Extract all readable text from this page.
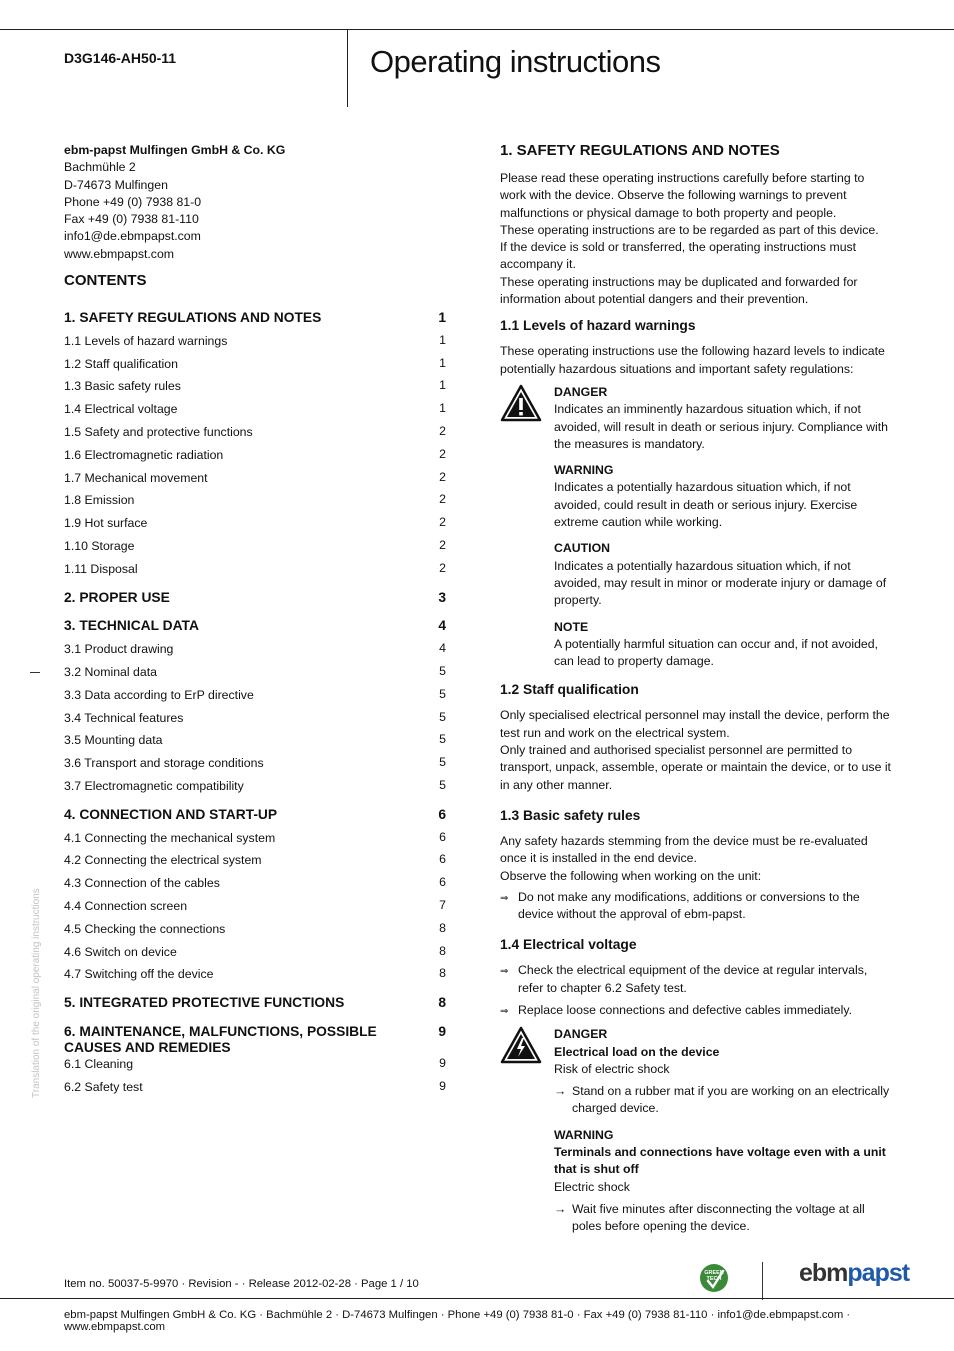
D3G146-AH50-11	Operating instructions
ebm-papst Mulfingen GmbH & Co. KG
Bachmühle 2
D-74673 Mulfingen
Phone +49 (0) 7938 81-0
Fax +49 (0) 7938 81-110
info1@de.ebmpapst.com
www.ebmpapst.com
CONTENTS
1. SAFETY REGULATIONS AND NOTES	1
1.1 Levels of hazard warnings	1
1.2 Staff qualification	1
1.3 Basic safety rules	1
1.4 Electrical voltage	1
1.5 Safety and protective functions	2
1.6 Electromagnetic radiation	2
1.7 Mechanical movement	2
1.8 Emission	2
1.9 Hot surface	2
1.10 Storage	2
1.11 Disposal	2
2. PROPER USE	3
3. TECHNICAL DATA	4
3.1 Product drawing	4
3.2 Nominal data	5
3.3 Data according to ErP directive	5
3.4 Technical features	5
3.5 Mounting data	5
3.6 Transport and storage conditions	5
3.7 Electromagnetic compatibility	5
4. CONNECTION AND START-UP	6
4.1 Connecting the mechanical system	6
4.2 Connecting the electrical system	6
4.3 Connection of the cables	6
4.4 Connection screen	7
4.5 Checking the connections	8
4.6 Switch on device	8
4.7 Switching off the device	8
5. INTEGRATED PROTECTIVE FUNCTIONS	8
6. MAINTENANCE, MALFUNCTIONS, POSSIBLE CAUSES AND REMEDIES
9
6.1 Cleaning	9
6.2 Safety test	9
Translation of the original operating instructions
1. SAFETY REGULATIONS AND NOTES

Please read these operating instructions carefully before starting to work with the device. Observe the following warnings to prevent malfunctions or physical damage to both property and people.

These operating instructions are to be regarded as part of this device.

If the device is sold or transferred, the operating instructions must accompany it.

These operating instructions may be duplicated and forwarded for information about potential dangers and their prevention.

1.1 Levels of hazard warnings

These operating instructions use the following hazard levels to indicate potentially hazardous situations and important safety regulations:

DANGER

Indicates an imminently hazardous situation which, if not avoided, will result in death or serious injury. Compliance with the measures is mandatory.

WARNING

Indicates a potentially hazardous situation which, if not avoided, could result in death or serious injury. Exercise extreme caution while working.

CAUTION

Indicates a potentially hazardous situation which, if not avoided, may result in minor or moderate injury or damage of property.

NOTE

A potentially harmful situation can occur and, if not avoided, can lead to property damage.

1.2 Staff qualification

Only specialised electrical personnel may install the device, perform the test run and work on the electrical system.

Only trained and authorised specialist personnel are permitted to transport, unpack, assemble, operate or maintain the device, or to use it in any other manner.

1.3 Basic safety rules

Any safety hazards stemming from the device must be re-evaluated once it is installed in the end device.

Observe the following when working on the unit:

⇒ Do not make any modifications, additions or conversions to the device without the approval of ebm-papst.
1.4 Electrical voltage
⇒ Check the electrical equipment of the device at regular intervals, refer to chapter 6.2 Safety test.
⇒ Replace loose connections and defective cables immediately.
DANGER
Electrical load on the device

Risk of electric shock

→ Stand on a rubber mat if you are working on an electrically charged device.
WARNING
Terminals and connections have voltage even with a unit that is shut off

Electric shock

→ Wait five minutes after disconnecting the voltage at all poles before opening the device.
Item no. 50037-5-9970 · Revision - · Release 2012-02-28 · Page 1 / 10
GREEN
TECH	ebmpapst
ebm-papst Mulfingen GmbH & Co. KG · Bachmühle 2 · D-74673 Mulfingen · Phone +49 (0) 7938 81-0 · Fax +49 (0) 7938 81-110 · info1@de.ebmpapst.com · www.ebmpapst.com
